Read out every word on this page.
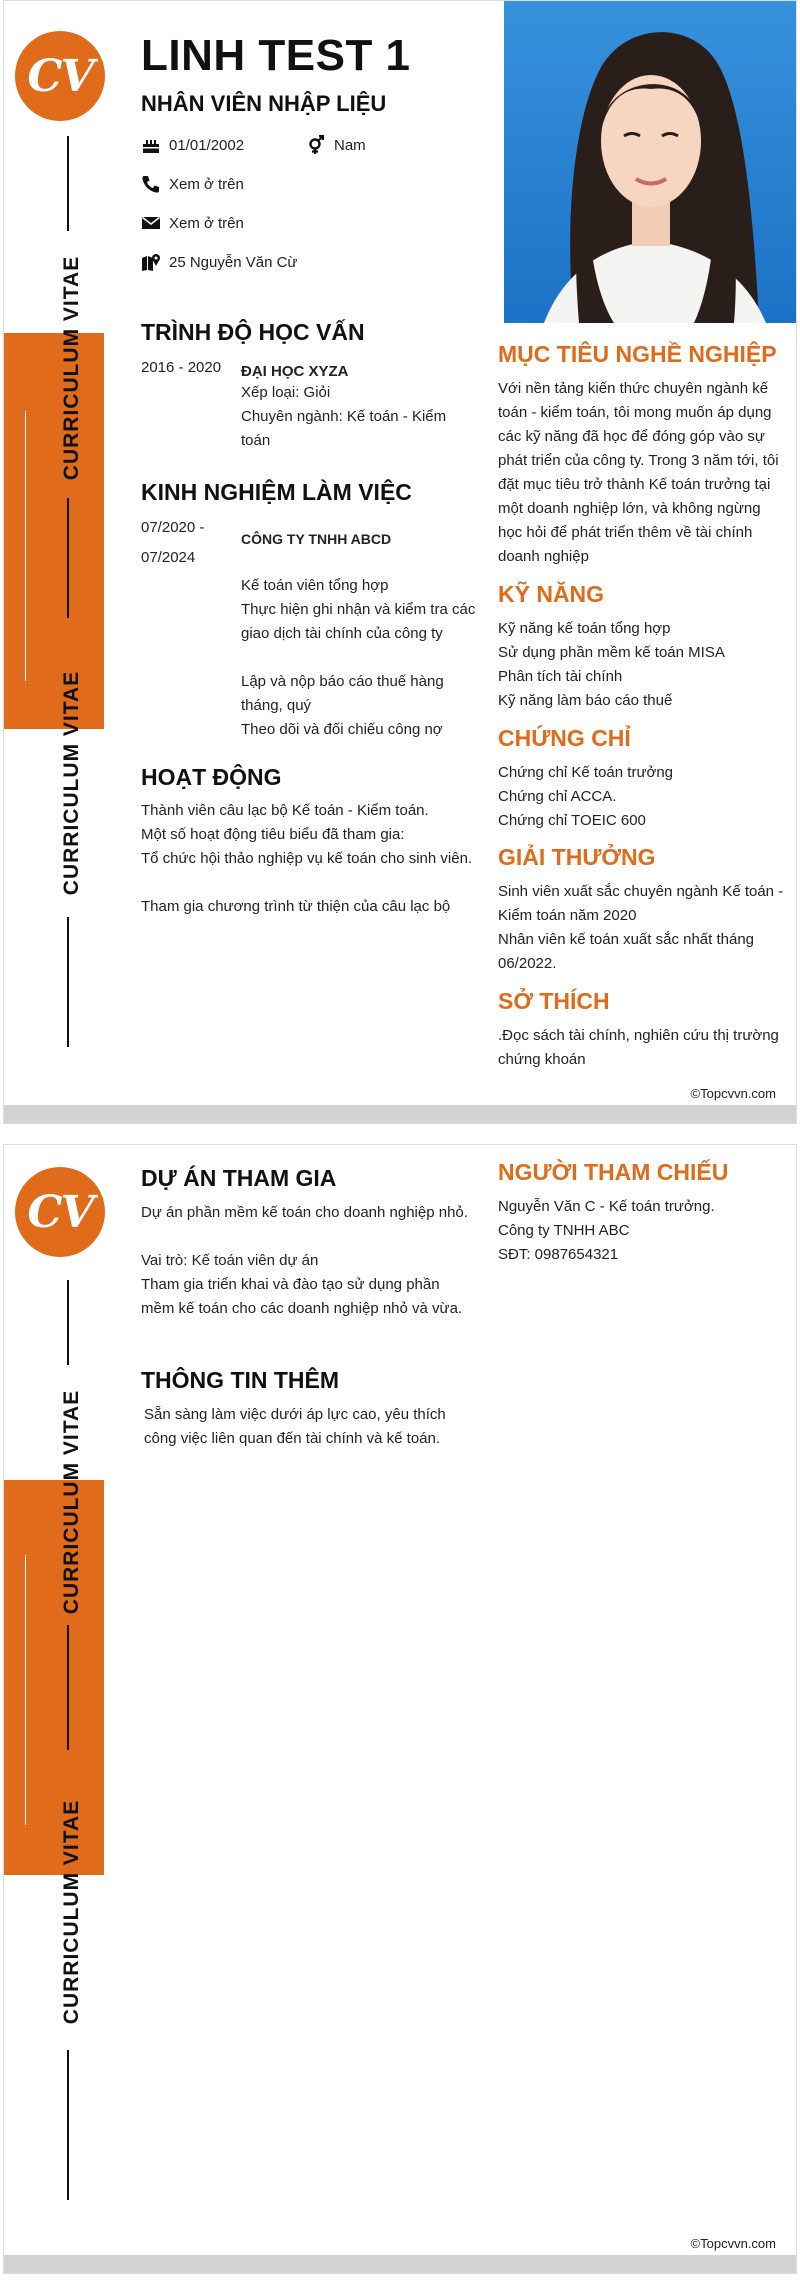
CURRICULUM VITAE
CURRICULUM VITAE
CV LINH TEST 1
NHÂN VIÊN NHẬP LIỆU
01/01/2002	Nam
Xem ở trên
Xem ở trên
25 Nguyễn Văn Cừ
TRÌNH ĐỘ HỌC VẤN
2016 - 2020	ĐẠI HỌC XYZA
Xếp loại: Giỏi
Chuyên ngành: Kế toán - Kiểm toán
KINH NGHIỆM LÀM VIỆC
07/2020 -
07/2024
CÔNG TY TNHH ABCD
Kế toán viên tổng hợp
Thực hiện ghi nhận và kiểm tra các giao dịch tài chính của công ty
Lập và nộp báo cáo thuế hàng tháng, quý
Theo dõi và đối chiếu công nợ
HOẠT ĐỘNG
Thành viên câu lạc bộ Kế toán - Kiểm toán.
Một số hoạt động tiêu biểu đã tham gia:
Tổ chức hội thảo nghiệp vụ kế toán cho sinh viên.
Tham gia chương trình từ thiện của câu lạc bộ
MỤC TIÊU NGHỀ NGHIỆP
Với nền tảng kiến thức chuyên ngành kế toán - kiểm toán, tôi mong muốn áp dụng các kỹ năng đã học để đóng góp vào sự phát triển của công ty. Trong 3 năm tới, tôi đặt mục tiêu trở thành Kế toán trưởng tại một doanh nghiệp lớn, và không ngừng học hỏi để phát triển thêm về tài chính doanh nghiệp
KỸ NĂNG
Kỹ năng kế toán tổng hợp
Sử dụng phần mềm kế toán MISA
Phân tích tài chính
Kỹ năng làm báo cáo thuế
CHỨNG CHỈ
Chứng chỉ Kế toán trưởng
Chứng chỉ ACCA.
Chứng chỉ TOEIC 600
GIẢI THƯỞNG
Sinh viên xuất sắc chuyên ngành Kế toán - Kiểm toán năm 2020
Nhân viên kế toán xuất sắc nhất tháng 06/2022.
SỞ THÍCH
.Đọc sách tài chính, nghiên cứu thị trường chứng khoán
©Topcvvn.com
CURRICULUM VITAE
CURRICULUM VITAE
CV
DỰ ÁN THAM GIA
Dự án phần mềm kế toán cho doanh nghiệp nhỏ.
Vai trò: Kế toán viên dự án
Tham gia triển khai và đào tạo sử dụng phần mềm kế toán cho các doanh nghiệp nhỏ và vừa.
THÔNG TIN THÊM
Sẵn sàng làm việc dưới áp lực cao, yêu thích công việc liên quan đến tài chính và kế toán.
NGƯỜI THAM CHIẾU
Nguyễn Văn C - Kế toán trưởng.
Công ty TNHH ABC
SĐT: 0987654321
©Topcvvn.com
